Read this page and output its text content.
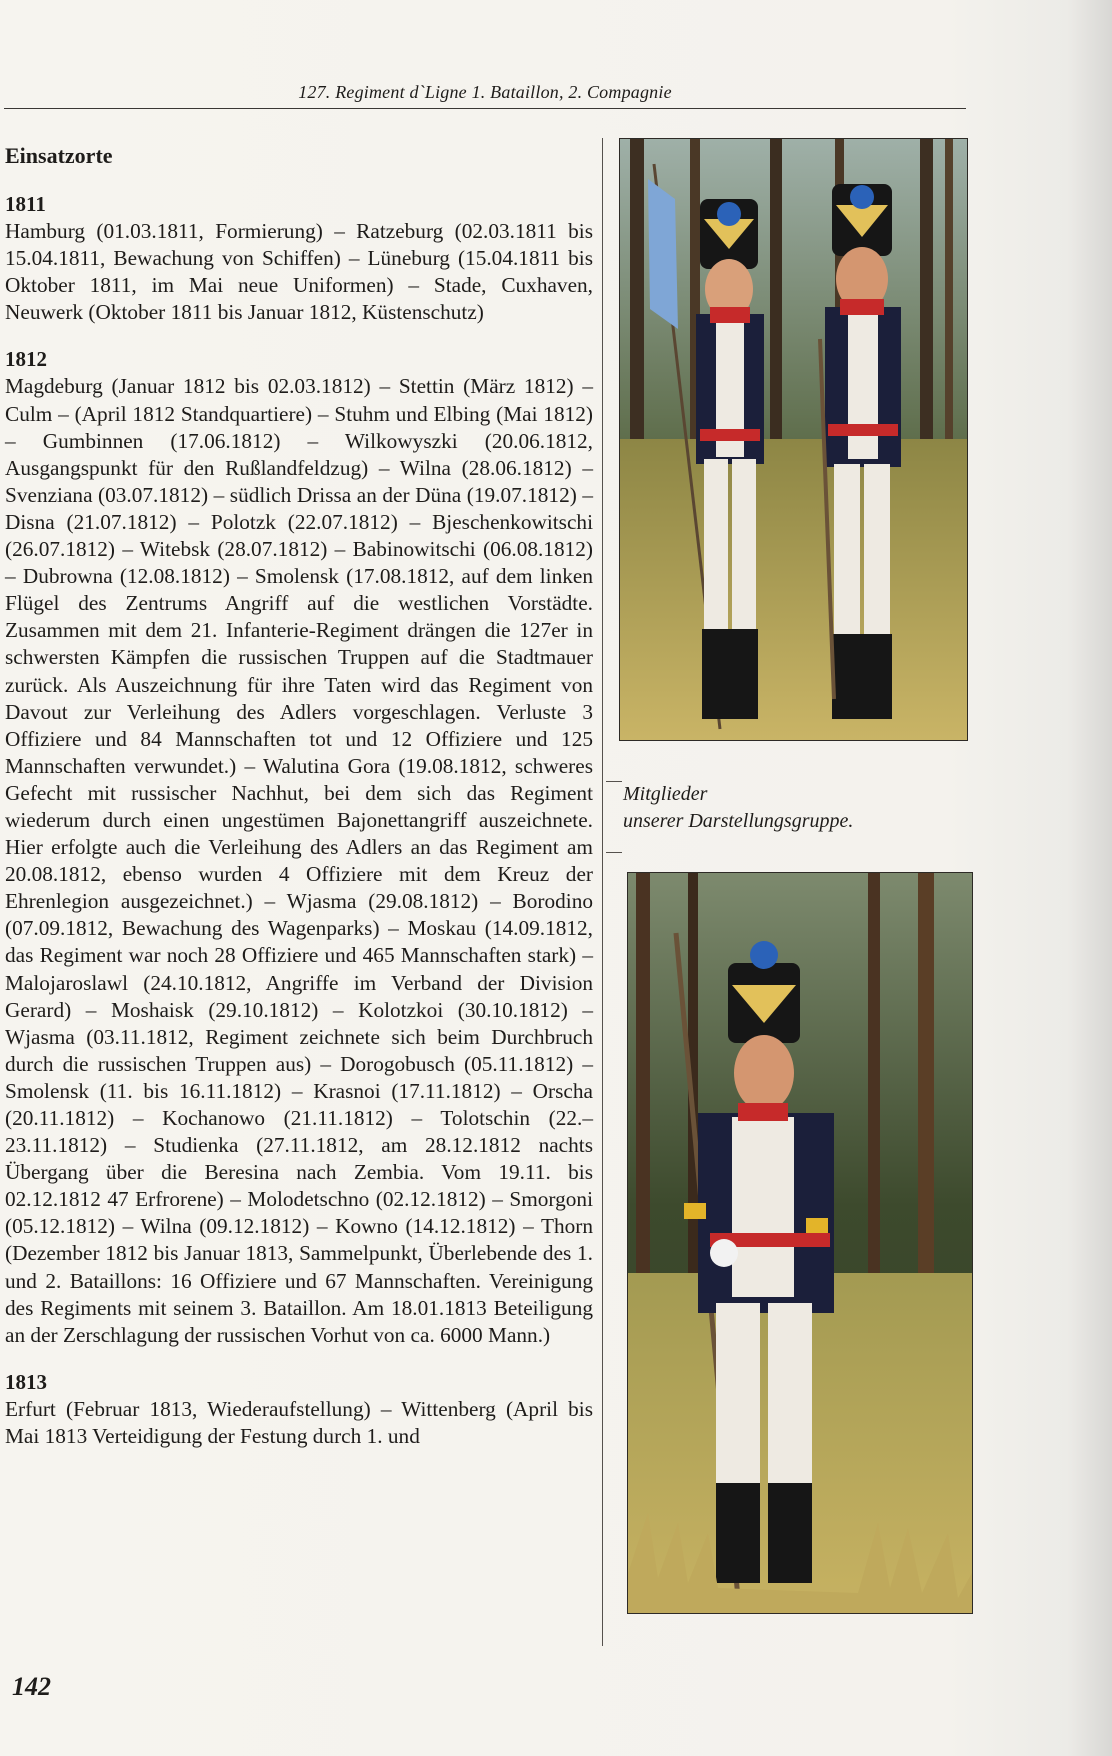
127. Regiment d`Ligne 1. Bataillon, 2. Compagnie
Einsatzorte
1811

Hamburg (01.03.1811, Formierung) – Ratzeburg (02.03.1811 bis 15.04.1811, Bewachung von Schiffen) – Lüneburg (15.04.1811 bis Oktober 1811, im Mai neue Uniformen) – Stade, Cuxhaven, Neuwerk (Oktober 1811 bis Januar 1812, Küstenschutz)

1812

Magdeburg (Januar 1812 bis 02.03.1812) – Stettin (März 1812) – Culm – (April 1812 Standquartiere) – Stuhm und Elbing (Mai 1812) – Gumbinnen (17.06.1812) – Wilkowyszki (20.06.1812, Ausgangspunkt für den Rußlandfeldzug) – Wilna (28.06.1812) – Svenziana (03.07.1812) – südlich Drissa an der Düna (19.07.1812) – Disna (21.07.1812) – Polotzk (22.07.1812) – Bjeschenkowitschi (26.07.1812) – Witebsk (28.07.1812) – Babinowitschi (06.08.1812) – Dubrowna (12.08.1812) – Smolensk (17.08.1812, auf dem linken Flügel des Zentrums Angriff auf die westlichen Vorstädte. Zusammen mit dem 21. Infanterie-Regiment drängen die 127er in schwersten Kämpfen die russischen Truppen auf die Stadtmauer zurück. Als Auszeichnung für ihre Taten wird das Regiment von Davout zur Verleihung des Adlers vorgeschlagen. Verluste 3 Offiziere und 84 Mannschaften tot und 12 Offiziere und 125 Mannschaften verwundet.) – Walutina Gora (19.08.1812, schweres Gefecht mit russischer Nachhut, bei dem sich das Regiment wiederum durch einen ungestümen Bajonettangriff auszeichnete. Hier erfolgte auch die Verleihung des Adlers an das Regiment am 20.08.1812, ebenso wurden 4 Offiziere mit dem Kreuz der Ehrenlegion ausgezeichnet.) – Wjasma (29.08.1812) – Borodino (07.09.1812, Bewachung des Wagenparks) – Moskau (14.09.1812, das Regiment war noch 28 Offiziere und 465 Mannschaften stark) – Malojaroslawl (24.10.1812, Angriffe im Verband der Division Gerard) – Moshaisk (29.10.1812) – Kolotzkoi (30.10.1812) – Wjasma (03.11.1812, Regiment zeichnete sich beim Durchbruch durch die russischen Truppen aus) – Dorogobusch (05.11.1812) – Smolensk (11. bis 16.11.1812) – Krasnoi (17.11.1812) – Orscha (20.11.1812) – Kochanowo (21.11.1812) – Tolotschin (22.–23.11.1812) – Studienka (27.11.1812, am 28.12.1812 nachts Übergang über die Beresina nach Zembia. Vom 19.11. bis 02.12.1812 47 Erfrorene) – Molodetschno (02.12.1812) – Smorgoni (05.12.1812) – Wilna (09.12.1812) – Kowno (14.12.1812) – Thorn (Dezember 1812 bis Januar 1813, Sammelpunkt, Überlebende des 1. und 2. Bataillons: 16 Offiziere und 67 Mannschaften. Vereinigung des Regiments mit seinem 3. Bataillon. Am 18.01.1813 Beteiligung an der Zerschlagung der russischen Vorhut von ca. 6000 Mann.)

1813

Erfurt (Februar 1813, Wiederaufstellung) – Wittenberg (April bis Mai 1813 Verteidigung der Festung durch 1. und

Mitglieder
unserer Darstellungsgruppe.
142
